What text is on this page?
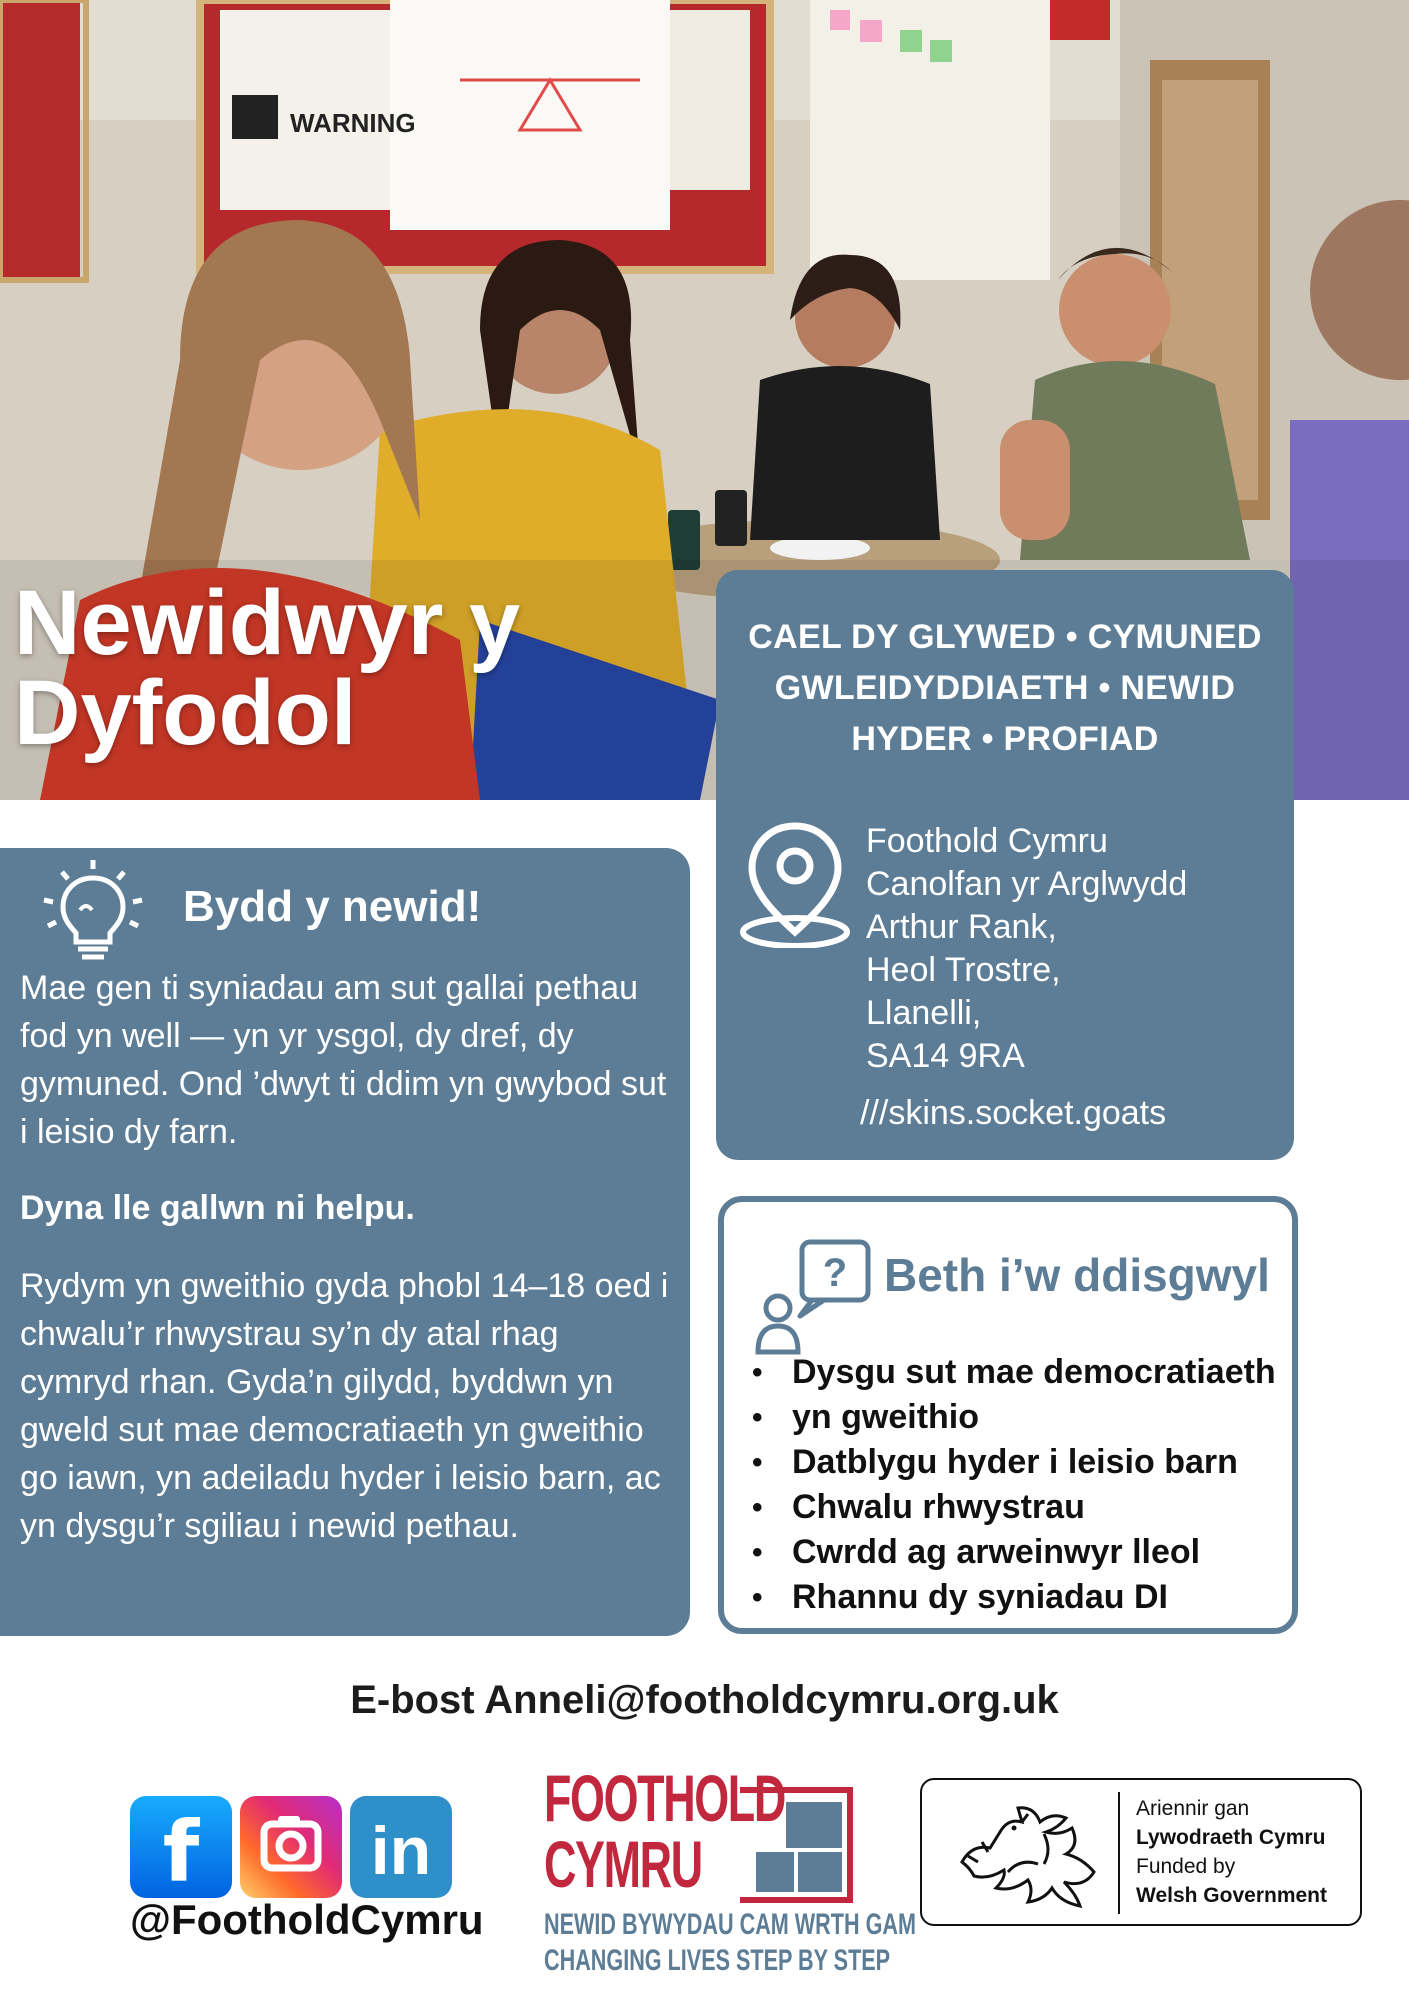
WARNING
Newidwyr y
Dyfodol
CAEL DY GLYWED • CYMUNED
GWLEIDYDDIAETH • NEWID
HYDER • PROFIAD
Foothold Cymru
Canolfan yr Arglwydd
Arthur Rank,
Heol Trostre,
Llanelli,
SA14 9RA
///skins.socket.goats
Bydd y newid!

Mae gen ti syniadau am sut gallai pethau fod yn well — yn yr ysgol, dy dref, dy gymuned. Ond ’dwyt ti ddim yn gwybod sut i leisio dy farn.

Dyna lle gallwn ni helpu.

Rydym yn gweithio gyda phobl 14–18 oed i chwalu’r rhwystrau sy’n dy atal rhag cymryd rhan. Gyda’n gilydd, byddwn yn gweld sut mae democratiaeth yn gweithio go iawn, yn adeiladu hyder i leisio barn, ac yn dysgu’r sgiliau i newid pethau.

? Beth i’w ddisgwyl
• Dysgu sut mae democratiaeth
• yn gweithio
• Datblygu hyder i leisio barn
• Chwalu rhwystrau
• Cwrdd ag arweinwyr lleol
• Rhannu dy syniadau DI
E-bost Anneli@footholdcymru.org.uk
f	in
@FootholdCymru
FOOTHOLD
CYMRU
NEWID BYWYDAU CAM WRTH GAM
CHANGING LIVES STEP BY STEP
Ariennir gan
Lywodraeth Cymru
Funded by
Welsh Government
